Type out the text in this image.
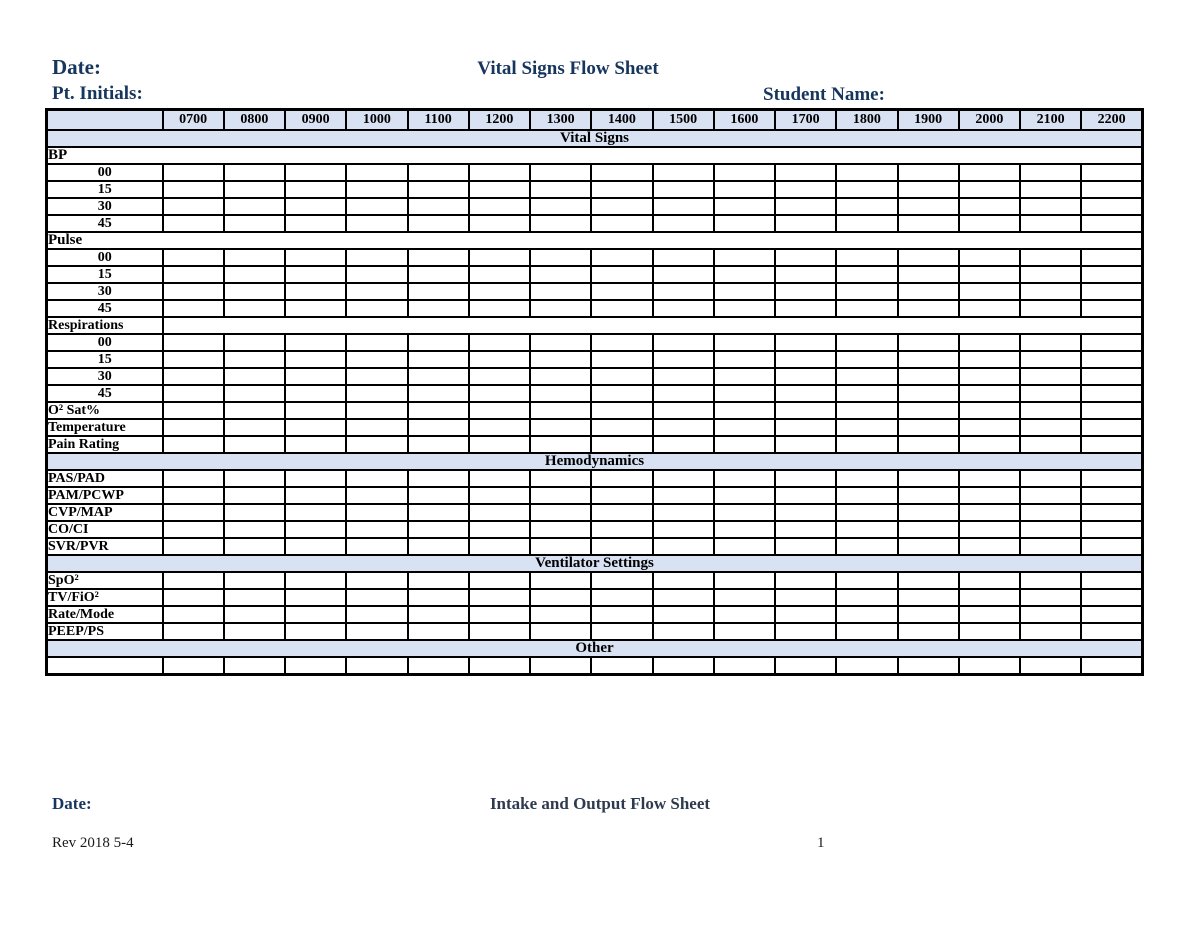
Date:	Vital Signs Flow Sheet
Pt. Initials:	Student Name:
	0700	0800	0900	1000	1100	1200	1300	1400	1500	1600	1700	1800	1900	2000	2100	2200
Vital Signs																
BP																
00																
15																
30																
45																
Pulse																
00																
15																
30																
45																
Respirations																
00																
15																
30																
45																
O² Sat%																
Temperature																
Pain Rating																
Hemodynamics																
PAS/PAD																
PAM/PCWP																
CVP/MAP																
CO/CI																
SVR/PVR																
Ventilator Settings																
SpO²																
TV/FiO²																
Rate/Mode																
PEEP/PS																
Other																

Date:	Intake and Output Flow Sheet
Rev 2018 5-4	1
